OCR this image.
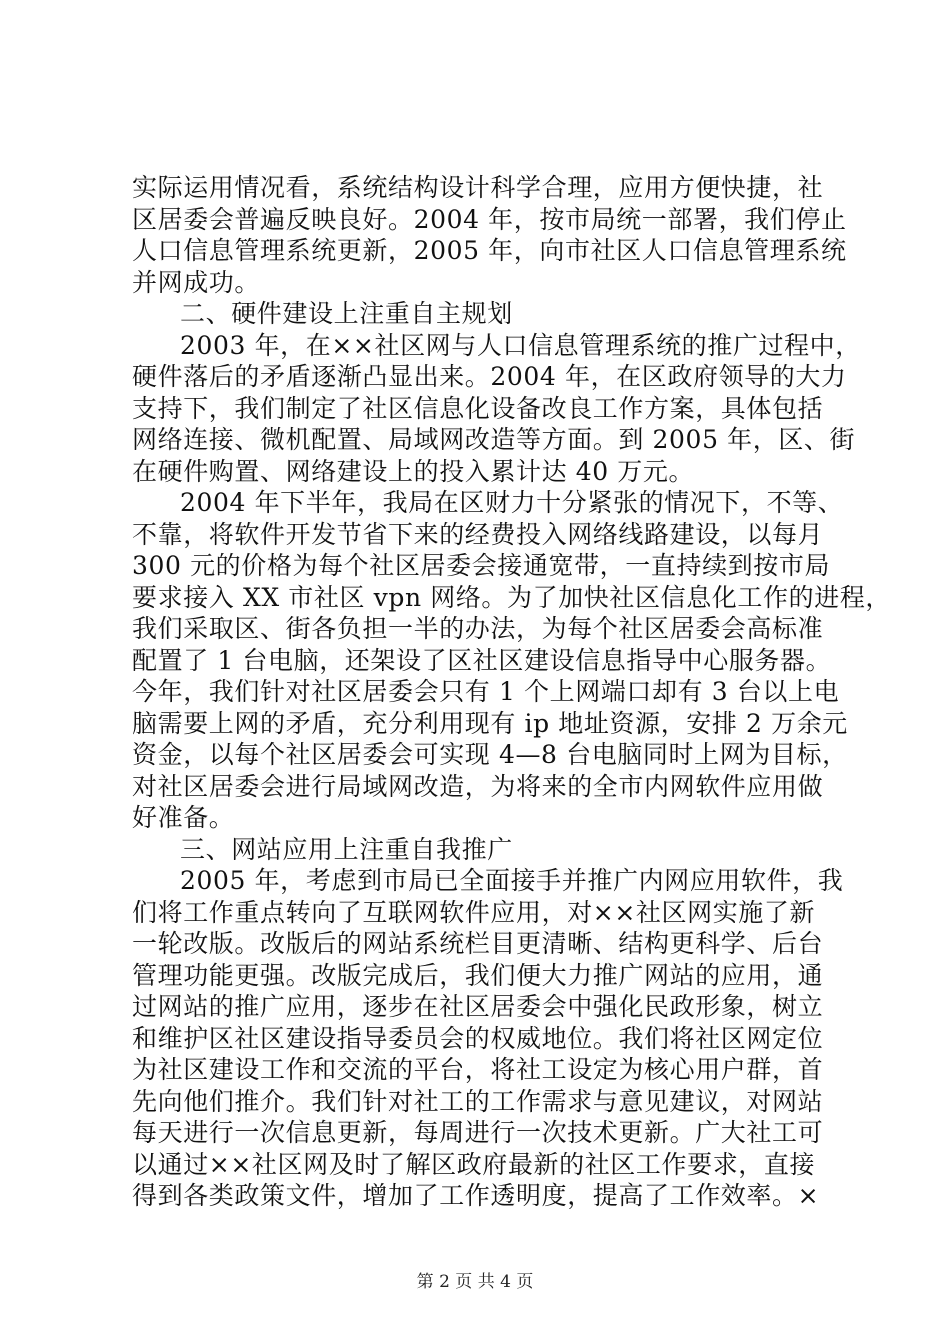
实际运用情况看，系统结构设计科学合理，应用方便快捷，社
区居委会普遍反映良好。2004 年，按市局统一部署，我们停止
人口信息管理系统更新，2005 年，向市社区人口信息管理系统
并网成功。
二、硬件建设上注重自主规划
2003 年，在××社区网与人口信息管理系统的推广过程中，
硬件落后的矛盾逐渐凸显出来。2004 年，在区政府领导的大力
支持下，我们制定了社区信息化设备改良工作方案，具体包括
网络连接、微机配置、局域网改造等方面。到 2005 年，区、街
在硬件购置、网络建设上的投入累计达 40 万元。
2004 年下半年，我局在区财力十分紧张的情况下，不等、
不靠，将软件开发节省下来的经费投入网络线路建设，以每月
300 元的价格为每个社区居委会接通宽带，一直持续到按市局
要求接入 XX 市社区 vpn 网络。为了加快社区信息化工作的进程，
我们采取区、街各负担一半的办法，为每个社区居委会高标准
配置了 1 台电脑，还架设了区社区建设信息指导中心服务器。
今年，我们针对社区居委会只有 1 个上网端口却有 3 台以上电
脑需要上网的矛盾，充分利用现有 ip 地址资源，安排 2 万余元
资金，以每个社区居委会可实现 4—8 台电脑同时上网为目标，
对社区居委会进行局域网改造，为将来的全市内网软件应用做
好准备。
三、网站应用上注重自我推广
2005 年，考虑到市局已全面接手并推广内网应用软件，我
们将工作重点转向了互联网软件应用，对××社区网实施了新
一轮改版。改版后的网站系统栏目更清晰、结构更科学、后台
管理功能更强。改版完成后，我们便大力推广网站的应用，通
过网站的推广应用，逐步在社区居委会中强化民政形象，树立
和维护区社区建设指导委员会的权威地位。我们将社区网定位
为社区建设工作和交流的平台，将社工设定为核心用户群，首
先向他们推介。我们针对社工的工作需求与意见建议，对网站
每天进行一次信息更新，每周进行一次技术更新。广大社工可
以通过××社区网及时了解区政府最新的社区工作要求，直接
得到各类政策文件，增加了工作透明度，提高了工作效率。×
第 2 页 共 4 页
